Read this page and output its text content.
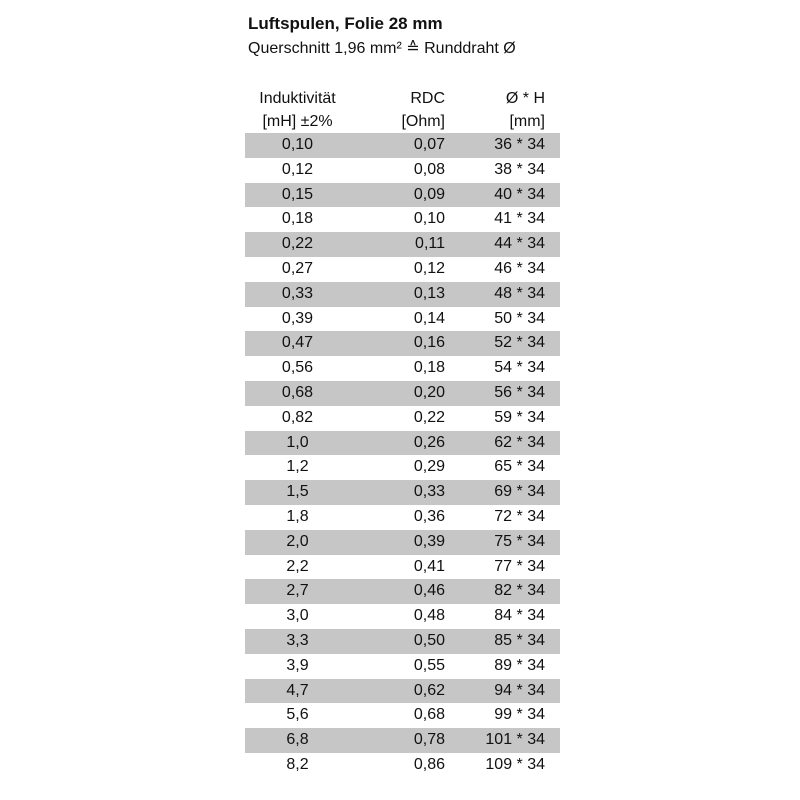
Luftspulen, Folie 28 mm
Querschnitt 1,96 mm² ≙ Runddraht Ø
Induktivität	RDC	Ø * H
[mH] ±2%	[Ohm]	[mm]
0,10	0,07	36 * 34
0,12	0,08	38 * 34
0,15	0,09	40 * 34
0,18	0,10	41 * 34
0,22	0,11	44 * 34
0,27	0,12	46 * 34
0,33	0,13	48 * 34
0,39	0,14	50 * 34
0,47	0,16	52 * 34
0,56	0,18	54 * 34
0,68	0,20	56 * 34
0,82	0,22	59 * 34
1,0	0,26	62 * 34
1,2	0,29	65 * 34
1,5	0,33	69 * 34
1,8	0,36	72 * 34
2,0	0,39	75 * 34
2,2	0,41	77 * 34
2,7	0,46	82 * 34
3,0	0,48	84 * 34
3,3	0,50	85 * 34
3,9	0,55	89 * 34
4,7	0,62	94 * 34
5,6	0,68	99 * 34
6,8	0,78	101 * 34
8,2	0,86	109 * 34
